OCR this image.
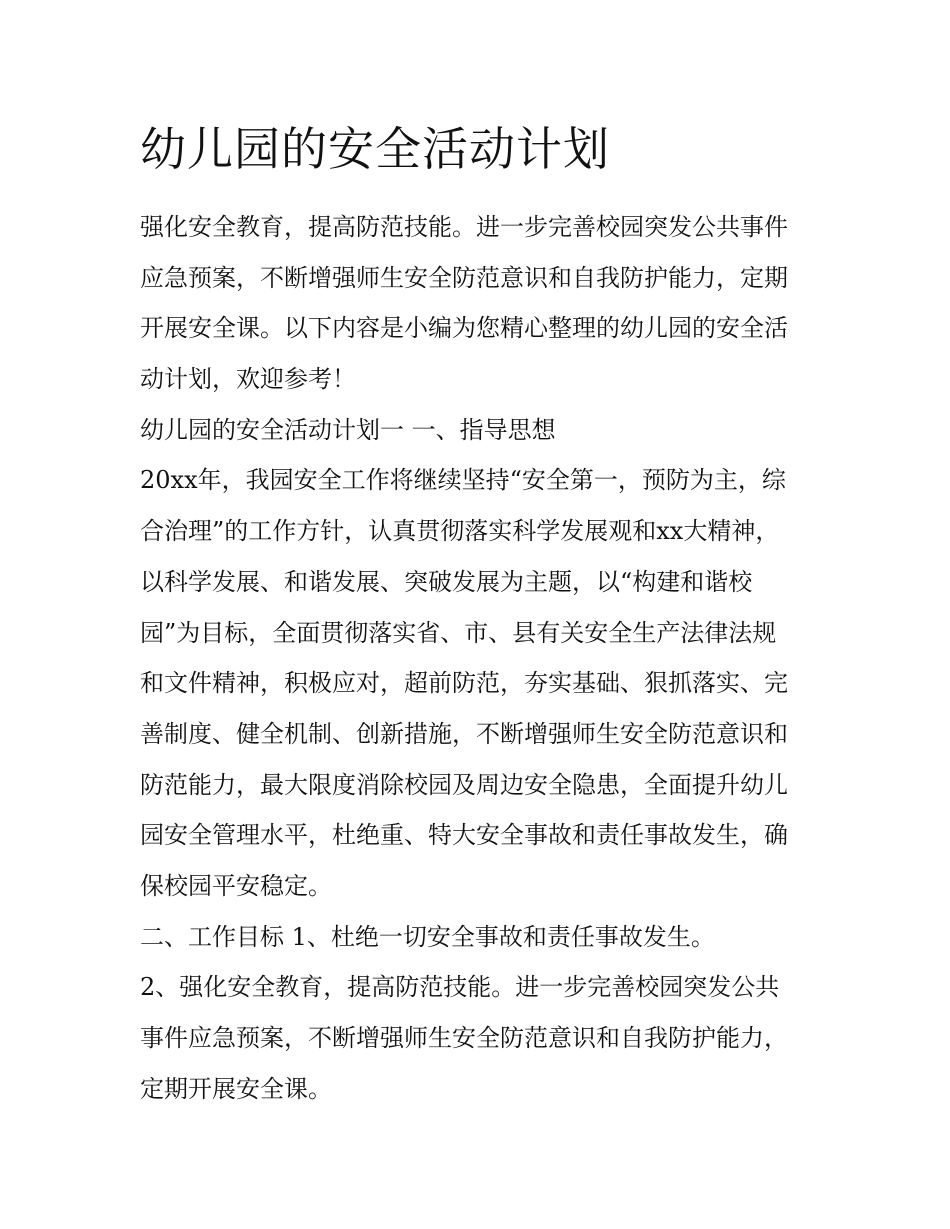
幼儿园的安全活动计划
强化安全教育，提高防范技能。进一步完善校园突发公共事件
应急预案，不断增强师生安全防范意识和自我防护能力，定期
开展安全课。以下内容是小编为您精心整理的幼儿园的安全活
动计划，欢迎参考！
幼儿园的安全活动计划一 一、指导思想
20xx年，我园安全工作将继续坚持“安全第一，预防为主，综
合治理”的工作方针，认真贯彻落实科学发展观和xx大精神，
以科学发展、和谐发展、突破发展为主题，以“构建和谐校
园”为目标，全面贯彻落实省、市、县有关安全生产法律法规
和文件精神，积极应对，超前防范，夯实基础、狠抓落实、完
善制度、健全机制、创新措施，不断增强师生安全防范意识和
防范能力，最大限度消除校园及周边安全隐患，全面提升幼儿
园安全管理水平，杜绝重、特大安全事故和责任事故发生，确
保校园平安稳定。
二、工作目标 1、杜绝一切安全事故和责任事故发生。
2、强化安全教育，提高防范技能。进一步完善校园突发公共
事件应急预案，不断增强师生安全防范意识和自我防护能力，
定期开展安全课。
